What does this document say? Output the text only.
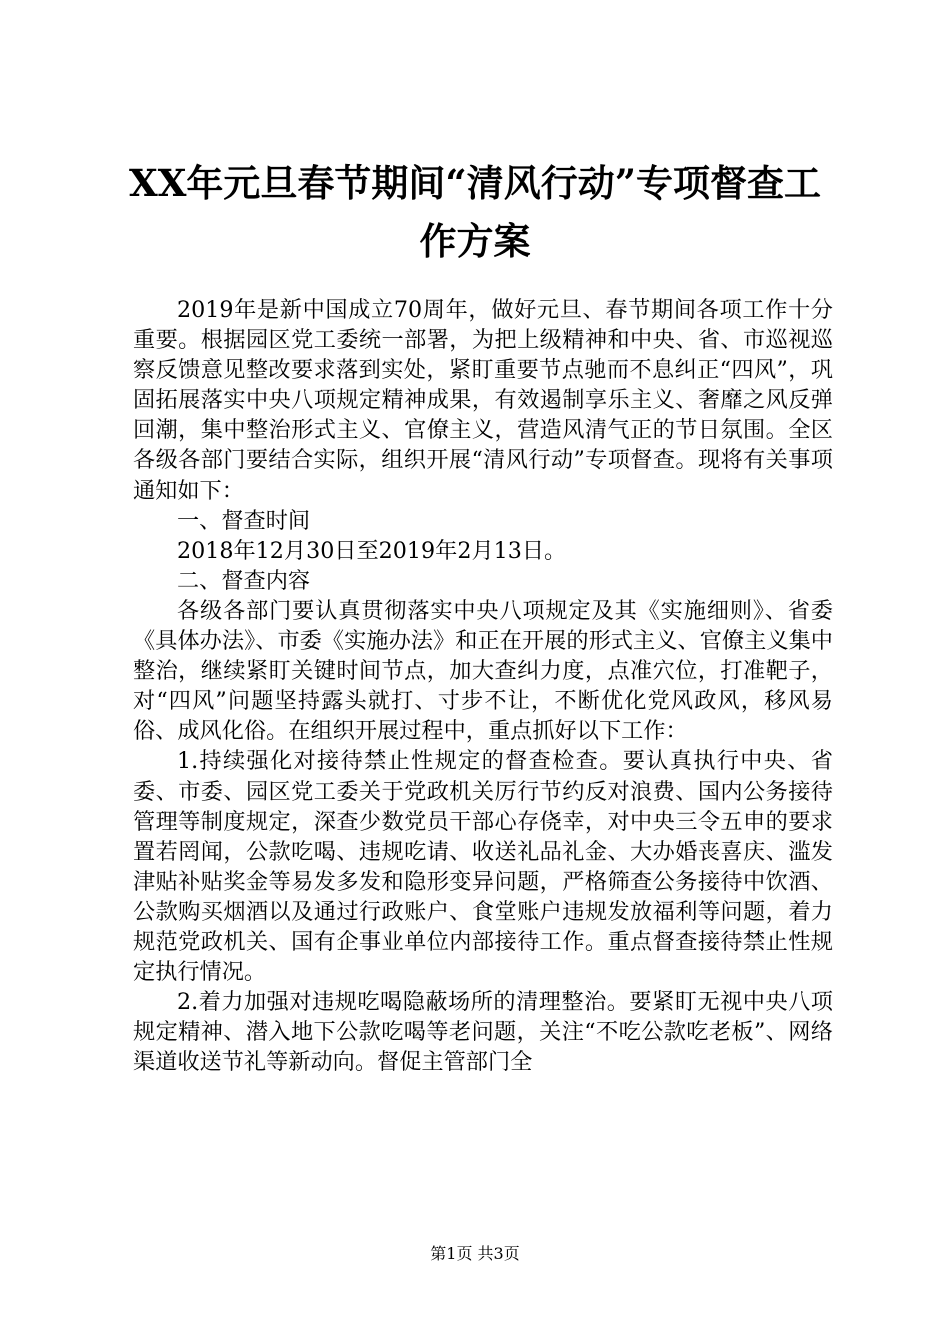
XX年元旦春节期间“清风行动”专项督查工
作方案

2019年是新中国成立70周年，做好元旦、春节期间各项工作十分重要。根据园区党工委统一部署，为把上级精神和中央、省、市巡视巡察反馈意见整改要求落到实处，紧盯重要节点驰而不息纠正“四风”，巩固拓展落实中央八项规定精神成果，有效遏制享乐主义、奢靡之风反弹回潮，集中整治形式主义、官僚主义，营造风清气正的节日氛围。全区各级各部门要结合实际，组织开展“清风行动”专项督查。现将有关事项通知如下：

一、督查时间

2018年12月30日至2019年2月13日。

二、督查内容

各级各部门要认真贯彻落实中央八项规定及其《实施细则》、省委《具体办法》、市委《实施办法》和正在开展的形式主义、官僚主义集中整治，继续紧盯关键时间节点，加大查纠力度，点准穴位，打准靶子，对“四风”问题坚持露头就打、寸步不让，不断优化党风政风，移风易俗、成风化俗。在组织开展过程中，重点抓好以下工作：

1.持续强化对接待禁止性规定的督查检查。要认真执行中央、省委、市委、园区党工委关于党政机关厉行节约反对浪费、国内公务接待管理等制度规定，深查少数党员干部心存侥幸，对中央三令五申的要求置若罔闻，公款吃喝、违规吃请、收送礼品礼金、大办婚丧喜庆、滥发津贴补贴奖金等易发多发和隐形变异问题，严格筛查公务接待中饮酒、公款购买烟酒以及通过行政账户、食堂账户违规发放福利等问题，着力规范党政机关、国有企事业单位内部接待工作。重点督查接待禁止性规定执行情况。

2.着力加强对违规吃喝隐蔽场所的清理整治。要紧盯无视中央八项规定精神、潜入地下公款吃喝等老问题，关注“不吃公款吃老板”、网络渠道收送节礼等新动向。督促主管部门全

第1页 共3页
